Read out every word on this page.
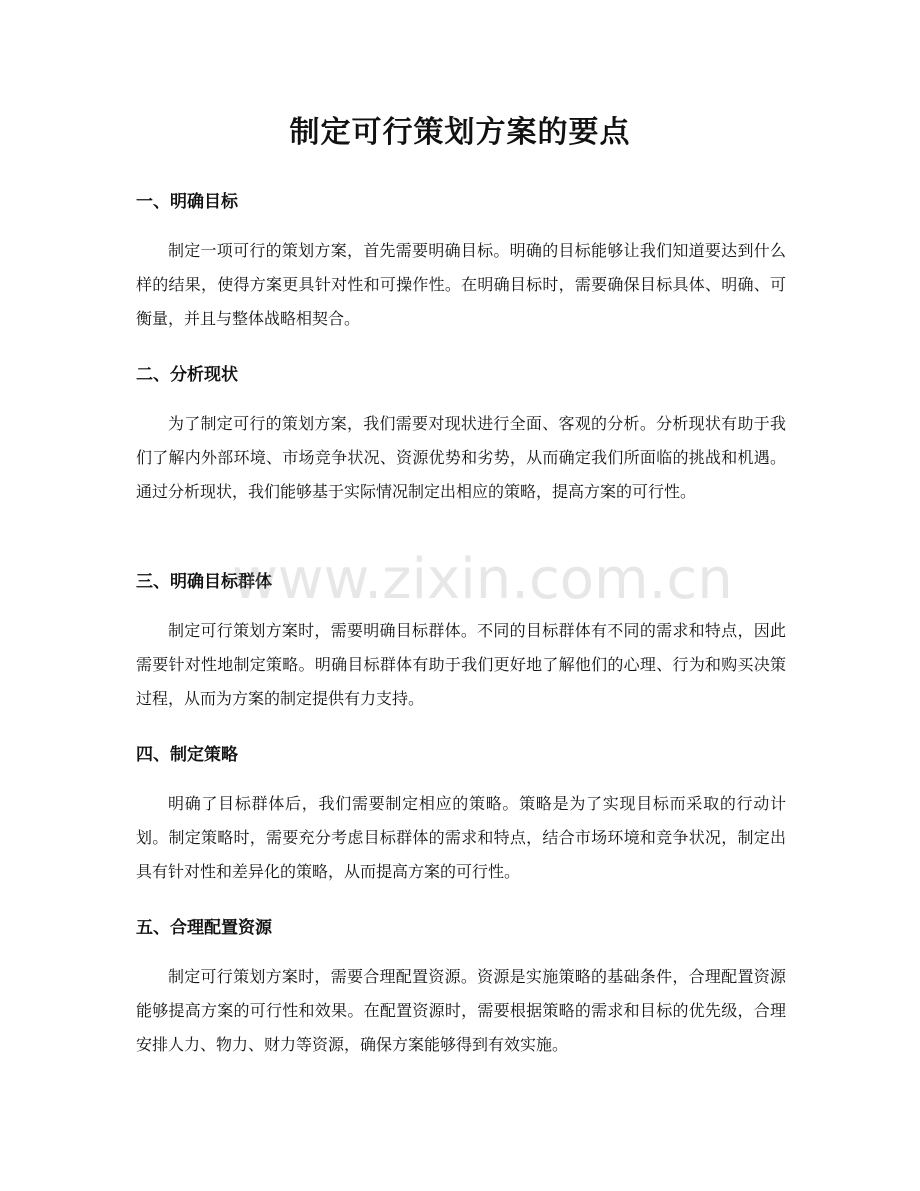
制定可行策划方案的要点
一、明确目标

制定一项可行的策划方案，首先需要明确目标。明确的目标能够让我们知道要达到什么样的结果，使得方案更具针对性和可操作性。在明确目标时，需要确保目标具体、明确、可衡量，并且与整体战略相契合。

二、分析现状

为了制定可行的策划方案，我们需要对现状进行全面、客观的分析。分析现状有助于我们了解内外部环境、市场竞争状况、资源优势和劣势，从而确定我们所面临的挑战和机遇。通过分析现状，我们能够基于实际情况制定出相应的策略，提高方案的可行性。

三、明确目标群体

制定可行策划方案时，需要明确目标群体。不同的目标群体有不同的需求和特点，因此需要针对性地制定策略。明确目标群体有助于我们更好地了解他们的心理、行为和购买决策过程，从而为方案的制定提供有力支持。

四、制定策略

明确了目标群体后，我们需要制定相应的策略。策略是为了实现目标而采取的行动计划。制定策略时，需要充分考虑目标群体的需求和特点，结合市场环境和竞争状况，制定出具有针对性和差异化的策略，从而提高方案的可行性。

五、合理配置资源

制定可行策划方案时，需要合理配置资源。资源是实施策略的基础条件，合理配置资源能够提高方案的可行性和效果。在配置资源时，需要根据策略的需求和目标的优先级，合理安排人力、物力、财力等资源，确保方案能够得到有效实施。

www.zixin.com.cn
